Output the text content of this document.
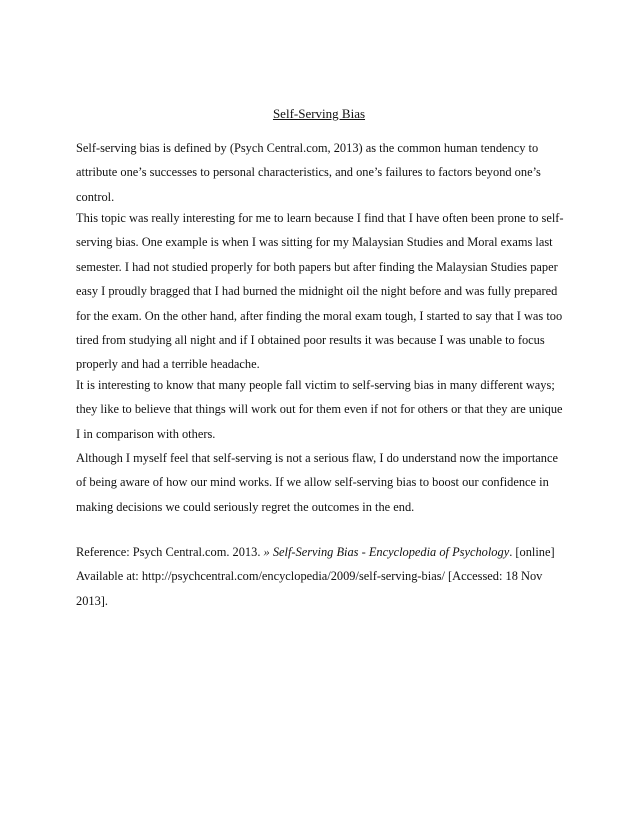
Self-Serving Bias

Self-serving bias is defined by (Psych Central.com, 2013) as the common human tendency to attribute one’s successes to personal characteristics, and one’s failures to factors beyond one’s control.

This topic was really interesting for me to learn because I find that I have often been prone to self-serving bias. One example is when I was sitting for my Malaysian Studies and Moral exams last semester. I had not studied properly for both papers but after finding the Malaysian Studies paper easy I proudly bragged that I had burned the midnight oil the night before and was fully prepared for the exam. On the other hand, after finding the moral exam tough, I started to say that I was too tired from studying all night and if I obtained poor results it was because I was unable to focus properly and had a terrible headache.

It is interesting to know that many people fall victim to self-serving bias in many different ways; they like to believe that things will work out for them even if not for others or that they are unique I in comparison with others.

Although I myself feel that self-serving is not a serious flaw, I do understand now the importance of being aware of how our mind works. If we allow self-serving bias to boost our confidence in making decisions we could seriously regret the outcomes in the end.

Reference: Psych Central.com. 2013. » Self-Serving Bias - Encyclopedia of Psychology. [online] Available at: http://psychcentral.com/encyclopedia/2009/self-serving-bias/ [Accessed: 18 Nov 2013].
